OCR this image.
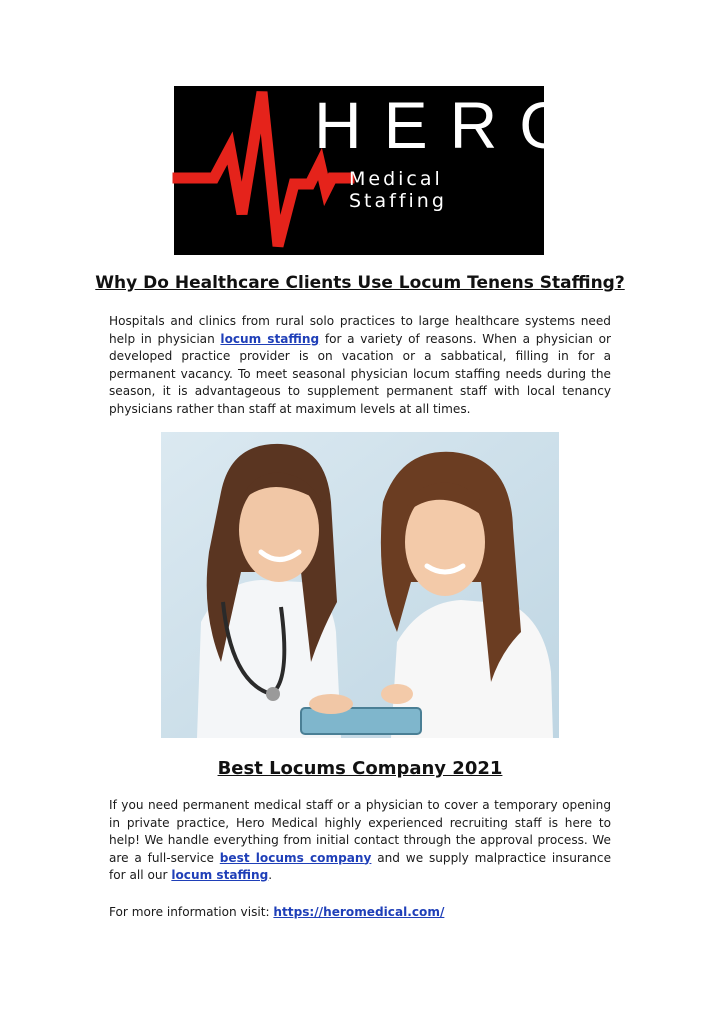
HERO
Medical Staffing
Why Do Healthcare Clients Use Locum Tenens Staffing?

Hospitals and clinics from rural solo practices to large healthcare systems need help in physician locum staffing for a variety of reasons. When a physician or developed practice provider is on vacation or a sabbatical, filling in for a permanent vacancy. To meet seasonal physician locum staffing needs during the season, it is advantageous to supplement permanent staff with local tenancy physicians rather than staff at maximum levels at all times.

Best Locums Company 2021

If you need permanent medical staff or a physician to cover a temporary opening in private practice, Hero Medical highly experienced recruiting staff is here to help! We handle everything from initial contact through the approval process. We are a full-service best locums company and we supply malpractice insurance for all our locum staffing.

For more information visit: https://heromedical.com/
